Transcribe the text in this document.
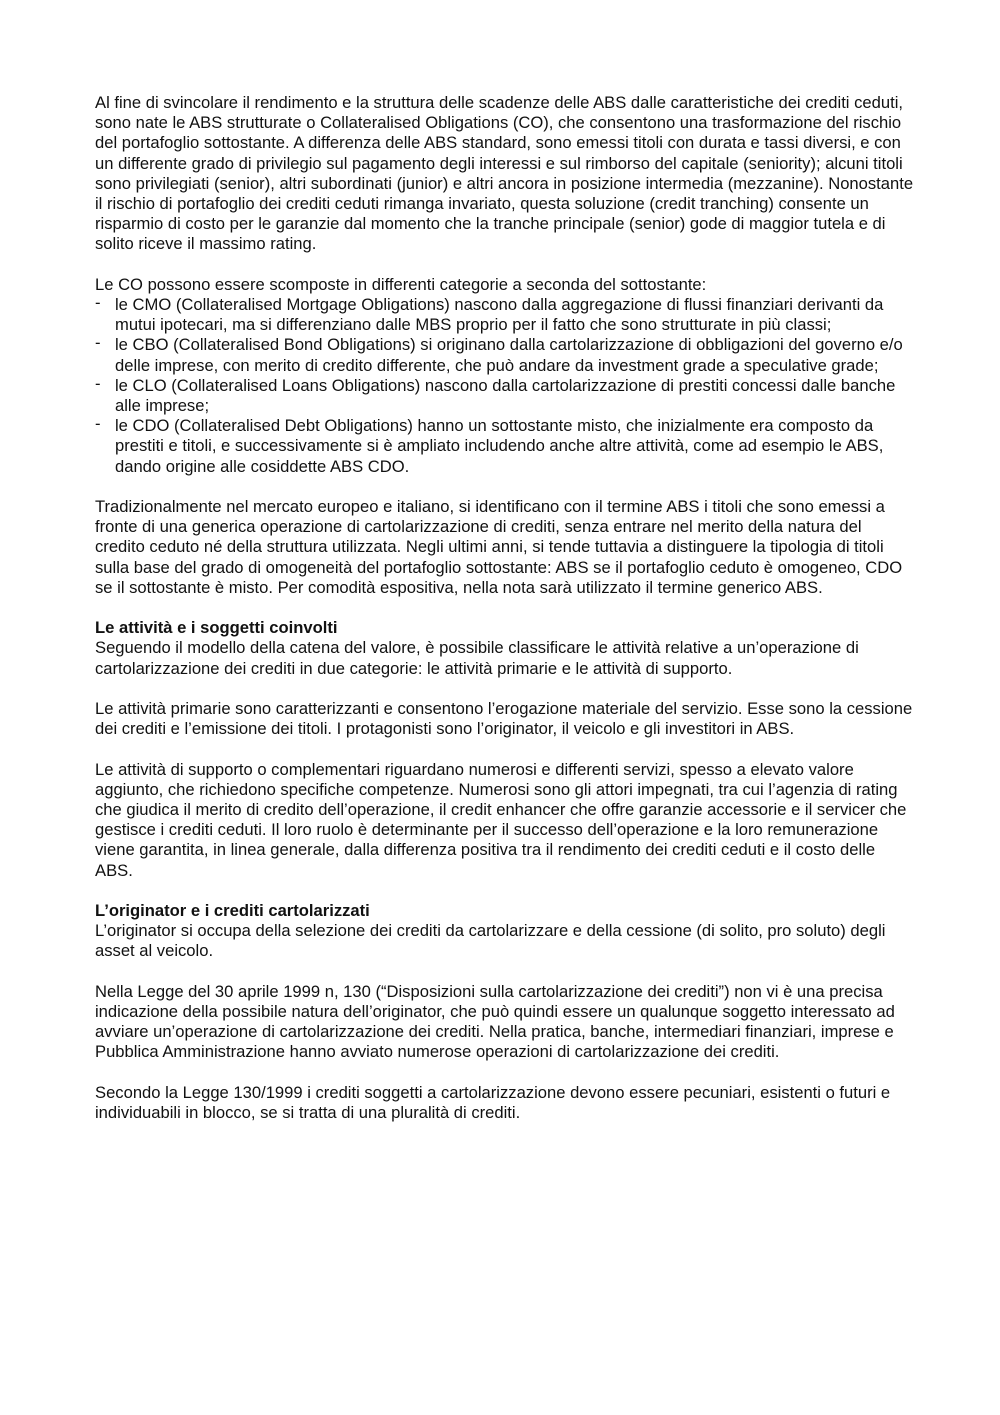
Al fine di svincolare il rendimento e la struttura delle scadenze delle ABS dalle caratteristiche dei crediti ceduti, sono nate le ABS strutturate o Collateralised Obligations (CO), che consentono una trasformazione del rischio del portafoglio sottostante. A differenza delle ABS standard, sono emessi titoli con durata e tassi diversi, e con un differente grado di privilegio sul pagamento degli interessi e sul rimborso del capitale (seniority); alcuni titoli sono privilegiati (senior), altri subordinati (junior) e altri ancora in posizione intermedia (mezzanine). Nonostante il rischio di portafoglio dei crediti ceduti rimanga invariato, questa soluzione (credit tranching) consente un risparmio di costo per le garanzie dal momento che la tranche principale (senior) gode di maggior tutela e di solito riceve il massimo rating.

Le CO possono essere scomposte in differenti categorie a seconda del sottostante:

- le CMO (Collateralised Mortgage Obligations) nascono dalla aggregazione di flussi finanziari derivanti da mutui ipotecari, ma si differenziano dalle MBS proprio per il fatto che sono strutturate in più classi;
- le CBO (Collateralised Bond Obligations) si originano dalla cartolarizzazione di obbligazioni del governo e/o delle imprese, con merito di credito differente, che può andare da investment grade a speculative grade;
- le CLO (Collateralised Loans Obligations) nascono dalla cartolarizzazione di prestiti concessi dalle banche alle imprese;
- le CDO (Collateralised Debt Obligations) hanno un sottostante misto, che inizialmente era composto da prestiti e titoli, e successivamente si è ampliato includendo anche altre attività, come ad esempio le ABS, dando origine alle cosiddette ABS CDO.

Tradizionalmente nel mercato europeo e italiano, si identificano con il termine ABS i titoli che sono emessi a fronte di una generica operazione di cartolarizzazione di crediti, senza entrare nel merito della natura del credito ceduto né della struttura utilizzata. Negli ultimi anni, si tende tuttavia a distinguere la tipologia di titoli sulla base del grado di omogeneità del portafoglio sottostante: ABS se il portafoglio ceduto è omogeneo, CDO se il sottostante è misto. Per comodità espositiva, nella nota sarà utilizzato il termine generico ABS.

Le attività e i soggetti coinvolti

Seguendo il modello della catena del valore, è possibile classificare le attività relative a un’operazione di cartolarizzazione dei crediti in due categorie: le attività primarie e le attività di supporto.

Le attività primarie sono caratterizzanti e consentono l’erogazione materiale del servizio. Esse sono la cessione dei crediti e l’emissione dei titoli. I protagonisti sono l’originator, il veicolo e gli investitori in ABS.

Le attività di supporto o complementari riguardano numerosi e differenti servizi, spesso a elevato valore aggiunto, che richiedono specifiche competenze. Numerosi sono gli attori impegnati, tra cui l’agenzia di rating che giudica il merito di credito dell’operazione, il credit enhancer che offre garanzie accessorie e il servicer che gestisce i crediti ceduti. Il loro ruolo è determinante per il successo dell’operazione e la loro remunerazione viene garantita, in linea generale, dalla differenza positiva tra il rendimento dei crediti ceduti e il costo delle ABS.

L’originator e i crediti cartolarizzati

L’originator si occupa della selezione dei crediti da cartolarizzare e della cessione (di solito, pro soluto) degli asset al veicolo.

Nella Legge del 30 aprile 1999 n, 130 (“Disposizioni sulla cartolarizzazione dei crediti”) non vi è una precisa indicazione della possibile natura dell’originator, che può quindi essere un qualunque soggetto interessato ad avviare un’operazione di cartolarizzazione dei crediti. Nella pratica, banche, intermediari finanziari, imprese e Pubblica Amministrazione hanno avviato numerose operazioni di cartolarizzazione dei crediti.

Secondo la Legge 130/1999 i crediti soggetti a cartolarizzazione devono essere pecuniari, esistenti o futuri e individuabili in blocco, se si tratta di una pluralità di crediti.
